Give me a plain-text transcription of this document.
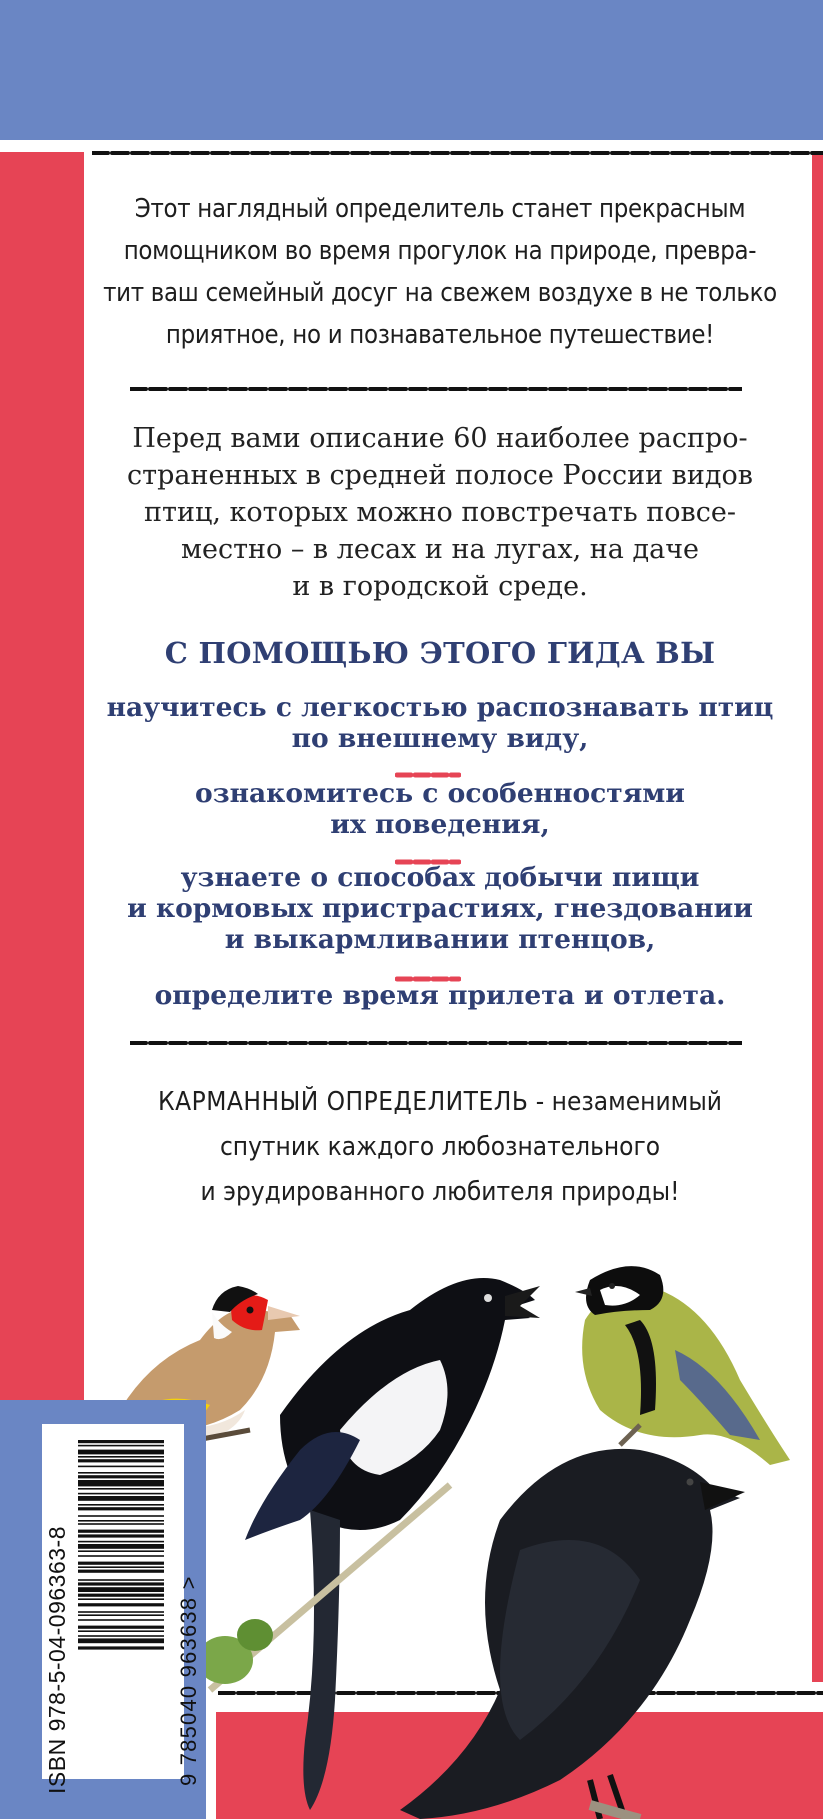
Этот наглядный определитель станет прекрасным
помощником во время прогулок на природе, превра-
тит ваш семейный досуг на свежем воздухе в не только
приятное, но и познавательное путешествие!
Перед вами описание 60 наиболее распро-
страненных в средней полосе России видов
птиц, которых можно повстречать повсе-
местно – в лесах и на лугах, на даче
и в городской среде.
С ПОМОЩЬЮ ЭТОГО ГИДА ВЫ
научитесь с легкостью распознавать птиц
по внешнему виду,
ознакомитесь с особенностями
их поведения,
узнаете о способах добычи пищи
и кормовых пристрастиях, гнездовании
и выкармливании птенцов,
определите время прилета и отлета.
КАРМАННЫЙ ОПРЕДЕЛИТЕЛЬ - незаменимый
спутник каждого любознательного
и эрудированного любителя природы!
ISBN 978-5-04-096363-8	9 785040 963638 >
